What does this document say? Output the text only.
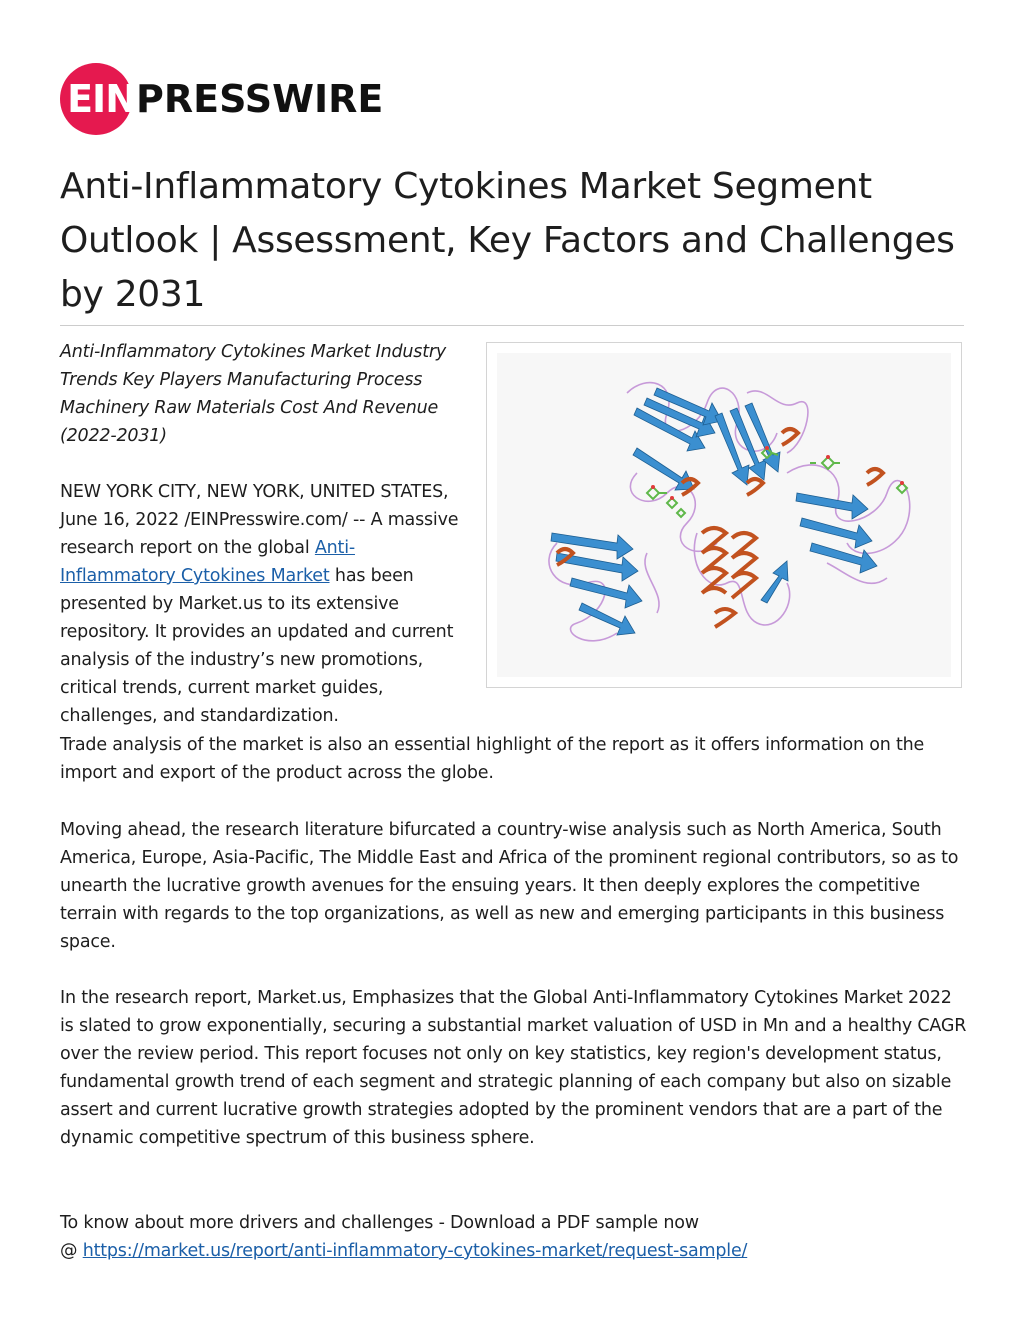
EIN PRESSWIRE
Anti-Inflammatory Cytokines Market Segment Outlook | Assessment, Key Factors and Challenges by 2031

Anti-Inflammatory Cytokines Market Industry Trends Key Players Manufacturing Process Machinery Raw Materials Cost And Revenue (2022-2031)

NEW YORK CITY, NEW YORK, UNITED STATES, June 16, 2022 /EINPresswire.com/ -- A massive research report on the global Anti-Inflammatory Cytokines Market has been presented by Market.us to its extensive repository. It provides an updated and current analysis of the industry’s new promotions, critical trends, current market guides, challenges, and standardization.

Trade analysis of the market is also an essential highlight of the report as it offers information on the import and export of the product across the globe.

Moving ahead, the research literature bifurcated a country-wise analysis such as North America, South America, Europe, Asia-Pacific, The Middle East and Africa of the prominent regional contributors, so as to unearth the lucrative growth avenues for the ensuing years. It then deeply explores the competitive terrain with regards to the top organizations, as well as new and emerging participants in this business space.

In the research report, Market.us, Emphasizes that the Global Anti-Inflammatory Cytokines Market 2022 is slated to grow exponentially, securing a substantial market valuation of USD in Mn and a healthy CAGR over the review period. This report focuses not only on key statistics, key region's development status, fundamental growth trend of each segment and strategic planning of each company but also on sizable assert and current lucrative growth strategies adopted by the prominent vendors that are a part of the dynamic competitive spectrum of this business sphere.

To know about more drivers and challenges - Download a PDF sample now
@ https://market.us/report/anti-inflammatory-cytokines-market/request-sample/
